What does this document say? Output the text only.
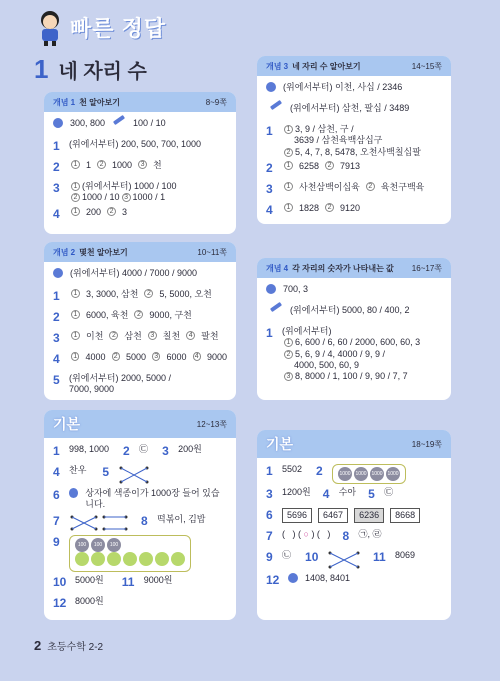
빠른 정답
1 네 자리 수
개념 1 천 알아보기	8~9쪽
300, 800	100 / 10
1	(위에서부터) 200, 500, 700, 1000
2	1 1	2 1000	3 천
3	1 (위에서부터) 1000 / 100
2 1000 / 10 3 1000 / 1
4	1 200	2 3
개념 2 몇천 알아보기	10~11쪽
(위에서부터) 4000 / 7000 / 9000
1	1 3, 3000, 삼천	2 5, 5000, 오천
2	1 6000, 육천	2 9000, 구천
3	1 이천	2 삼천	3 칠천	4 팔천
4	1 4000	2 5000	3 6000	4 9000
5	(위에서부터) 2000, 5000 /
7000, 9000
개념 3 네 자리 수 알아보기	14~15쪽
(위에서부터) 이천, 사십 / 2346
(위에서부터) 삼천, 팔십 / 3489
1	1 3, 9 / 삼천, 구 /
3639 / 삼천육백삼십구
2 5, 4, 7, 8, 5478, 오천사백칠십팔
2	1 6258	2 7913
3	1 사천삼백이십육	2 육천구백육
4	1 1828	2 9120
개념 4 각 자리의 숫자가 나타내는 값 16~17쪽
700, 3
(위에서부터) 5000, 80 / 400, 2
1	(위에서부터)
1 6, 600 / 6, 60 / 2000, 600, 60, 3
2 5, 6, 9 / 4, 4000 / 9, 9 /
4000, 500, 60, 9
3 8, 8000 / 1, 100 / 9, 90 / 7, 7
기본	12~13쪽
1	998, 1000 2	㉢ 3	200원
4	찬우 5
6	상자에 색종이가 1000장 들어 있습니다.
7	8	떡볶이, 김밥
9	100 100 100

10 5000원 11	9000원
12 8000원
기본	18~19쪽
1	5502 2	1000 1000 1000 1000
3	1200원 4	수아 5	㉢
6	5696	6467	6236	8668
7	(   ) ( ○ ) (   ) 8	㉠, ㉣
9	㉡ 10	11	8069
12	1408, 8401
2 초등수학 2-2
